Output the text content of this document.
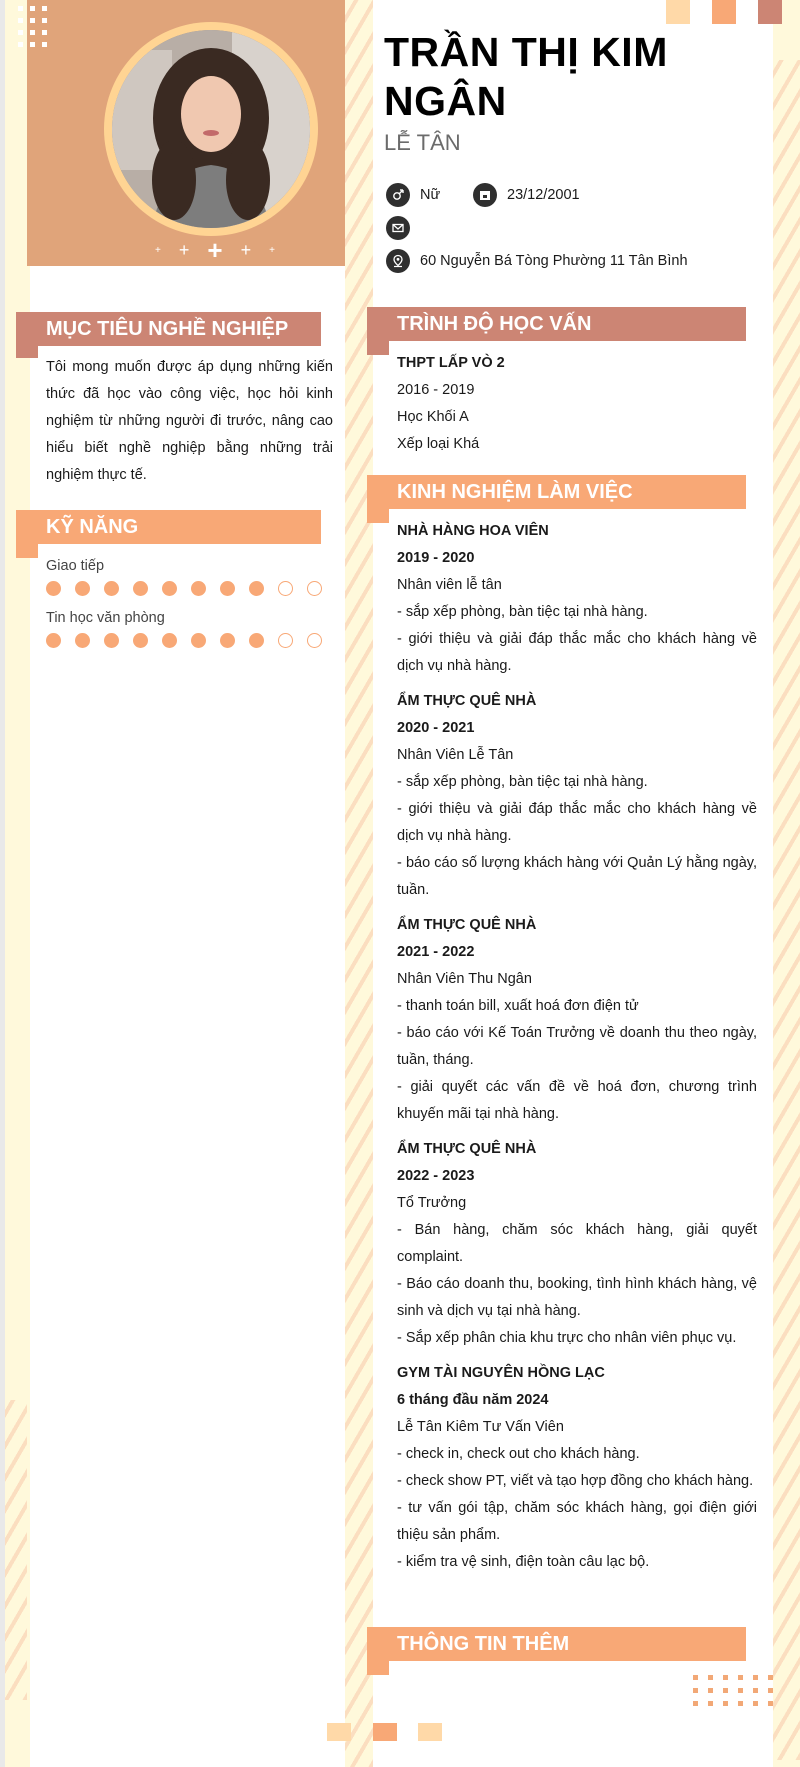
+ + + + +
TRẦN THỊ KIM NGÂN
LỄ TÂN
Nữ	23/12/2001
60 Nguyễn Bá Tòng Phường 11 Tân Bình
MỤC TIÊU NGHỀ NGHIỆP
Tôi mong muốn được áp dụng những kiến thức đã học vào công việc, học hỏi kinh nghiệm từ những người đi trước, nâng cao hiểu biết nghề nghiệp bằng những trải nghiệm thực tế.
KỸ NĂNG
Giao tiếp
Tin học văn phòng
TRÌNH ĐỘ HỌC VẤN
THPT LẤP VÒ 2
2016 - 2019
Học Khối A
Xếp loại Khá
KINH NGHIỆM LÀM VIỆC
NHÀ HÀNG HOA VIÊN
2019 - 2020
Nhân viên lễ tân
- sắp xếp phòng, bàn tiệc tại nhà hàng.
- giới thiệu và giải đáp thắc mắc cho khách hàng về dịch vụ nhà hàng.
ẨM THỰC QUÊ NHÀ
2020 - 2021
Nhân Viên Lễ Tân
- sắp xếp phòng, bàn tiệc tại nhà hàng.
- giới thiệu và giải đáp thắc mắc cho khách hàng về dịch vụ nhà hàng.
- báo cáo số lượng khách hàng với Quản Lý hằng ngày, tuần.
ẨM THỰC QUÊ NHÀ
2021 - 2022
Nhân Viên Thu Ngân
- thanh toán bill, xuất hoá đơn điện tử
- báo cáo với Kế Toán Trưởng về doanh thu theo ngày, tuần, tháng.
- giải quyết các vấn đề về hoá đơn, chương trình khuyến mãi tại nhà hàng.
ẨM THỰC QUÊ NHÀ
2022 - 2023
Tổ Trưởng
- Bán hàng, chăm sóc khách hàng, giải quyết complaint.
- Báo cáo doanh thu, booking, tình hình khách hàng, vệ sinh và dịch vụ tại nhà hàng.
- Sắp xếp phân chia khu trực cho nhân viên phục vụ.
GYM TÀI NGUYÊN HỒNG LẠC
6 tháng đầu năm 2024
Lễ Tân Kiêm Tư Vấn Viên
- check in, check out cho khách hàng.
- check show PT, viết và tạo hợp đồng cho khách hàng.
- tư vấn gói tập, chăm sóc khách hàng, gọi điện giới thiệu sản phẩm.
- kiểm tra vệ sinh, điện toàn câu lạc bộ.
THÔNG TIN THÊM
